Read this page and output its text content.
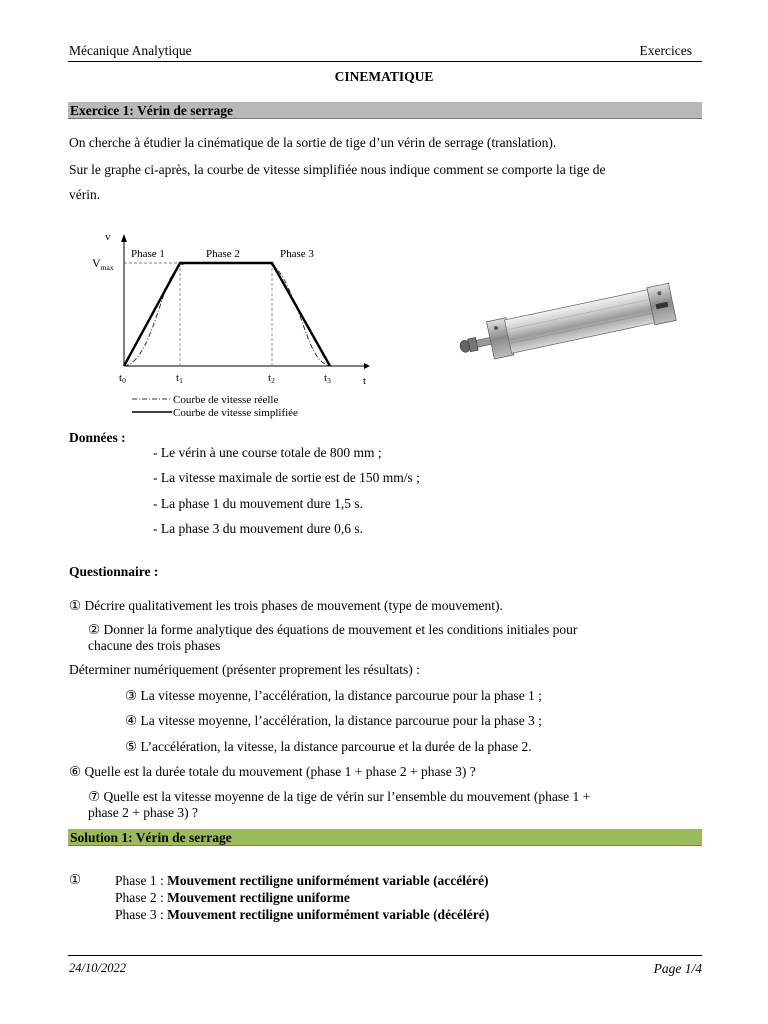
Mécanique Analytique	Exercices
CINEMATIQUE
Exercice 1: Vérin de serrage
On cherche à étudier la cinématique de la sortie de tige d’un vérin de serrage (translation).
Sur le graphe ci-après, la courbe de vitesse simplifiée nous indique comment se comporte la tige de
vérin.
v
$V_{max}$
Phase 1	Phase 2	Phase 3
t0	t1	t2	t3	t
Courbe de vitesse réelle
Courbe de vitesse simplifiée
Données :
- Le vérin à une course totale de 800 mm ;
- La vitesse maximale de sortie est de 150 mm/s ;
- La phase 1 du mouvement dure 1,5 s.
- La phase 3 du mouvement dure 0,6 s.
Questionnaire :
① Décrire qualitativement les trois phases de mouvement (type de mouvement).
② Donner la forme analytique des équations de mouvement et les conditions initiales pour
chacune des trois phases
Déterminer numériquement (présenter proprement les résultats) :
③ La vitesse moyenne, l’accélération, la distance parcourue pour la phase 1 ;
④ La vitesse moyenne, l’accélération, la distance parcourue pour la phase 3 ;
⑤ L’accélération, la vitesse, la distance parcourue et la durée de la phase 2.
⑥ Quelle est la durée totale du mouvement (phase 1 + phase 2 + phase 3) ?
⑦ Quelle est la vitesse moyenne de la tige de vérin sur l’ensemble du mouvement (phase 1 +
phase 2 + phase 3) ?
Solution 1: Vérin de serrage
①	Phase 1 : Mouvement rectiligne uniformément variable (accéléré)
Phase 2 : Mouvement rectiligne uniforme
Phase 3 : Mouvement rectiligne uniformément variable (décéléré)
24/10/2022	Page 1/4
